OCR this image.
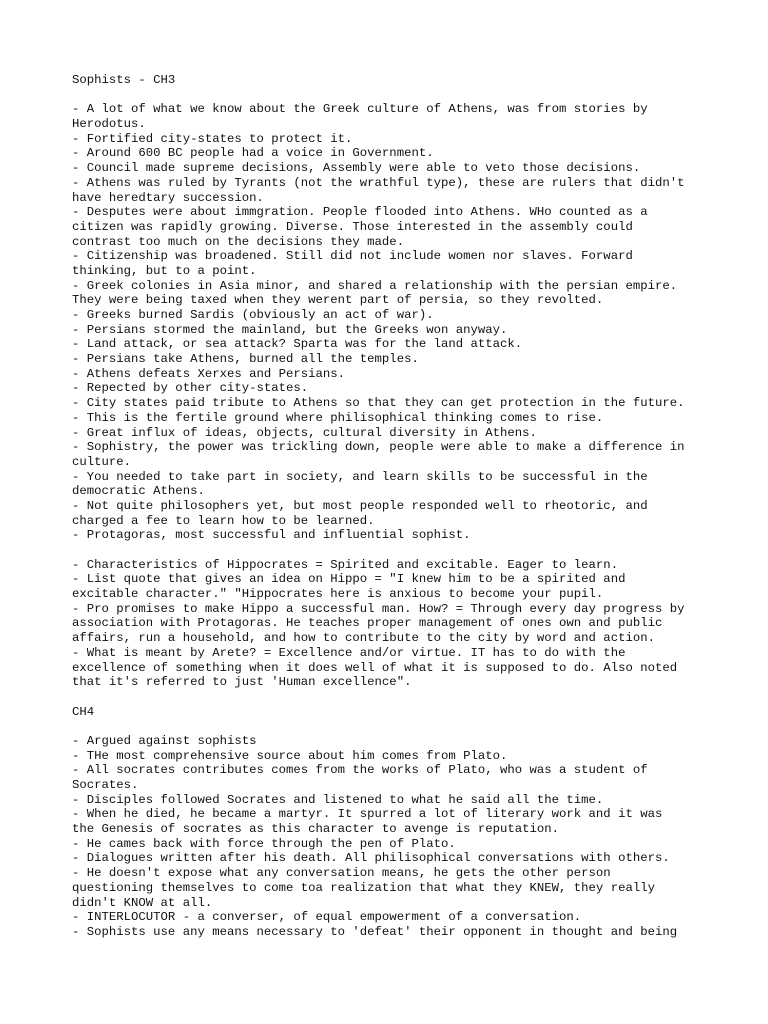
Sophists - CH3

- A lot of what we know about the Greek culture of Athens, was from stories by

Herodotus.

- Fortified city-states to protect it.

- Around 600 BC people had a voice in Government.

- Council made supreme decisions, Assembly were able to veto those decisions.

- Athens was ruled by Tyrants (not the wrathful type), these are rulers that didn't

have heredtary succession.

- Desputes were about immgration. People flooded into Athens. WHo counted as a

citizen was rapidly growing. Diverse. Those interested in the assembly could

contrast too much on the decisions they made.

- Citizenship was broadened. Still did not include women nor slaves. Forward

thinking, but to a point.

- Greek colonies in Asia minor, and shared a relationship with the persian empire.

They were being taxed when they werent part of persia, so they revolted.

- Greeks burned Sardis (obviously an act of war).

- Persians stormed the mainland, but the Greeks won anyway.

- Land attack, or sea attack? Sparta was for the land attack.

- Persians take Athens, burned all the temples.

- Athens defeats Xerxes and Persians.

- Repected by other city-states.

- City states paid tribute to Athens so that they can get protection in the future.

- This is the fertile ground where philisophical thinking comes to rise.

- Great influx of ideas, objects, cultural diversity in Athens.

- Sophistry, the power was trickling down, people were able to make a difference in

culture.

- You needed to take part in society, and learn skills to be successful in the

democratic Athens.

- Not quite philosophers yet, but most people responded well to rheotoric, and

charged a fee to learn how to be learned.

- Protagoras, most successful and influential sophist.

- Characteristics of Hippocrates = Spirited and excitable. Eager to learn.

- List quote that gives an idea on Hippo = "I knew him to be a spirited and

excitable character." "Hippocrates here is anxious to become your pupil.

- Pro promises to make Hippo a successful man. How? = Through every day progress by

association with Protagoras. He teaches proper management of ones own and public

affairs, run a household, and how to contribute to the city by word and action.

- What is meant by Arete? = Excellence and/or virtue. IT has to do with the

excellence of something when it does well of what it is supposed to do. Also noted

that it's referred to just 'Human excellence".

CH4

- Argued against sophists

- THe most comprehensive source about him comes from Plato.

- All socrates contributes comes from the works of Plato, who was a student of

Socrates.

- Disciples followed Socrates and listened to what he said all the time.

- When he died, he became a martyr. It spurred a lot of literary work and it was

the Genesis of socrates as this character to avenge is reputation.

- He cames back with force through the pen of Plato.

- Dialogues written after his death. All philisophical conversations with others.

- He doesn't expose what any conversation means, he gets the other person

questioning themselves to come toa realization that what they KNEW, they really

didn't KNOW at all.

- INTERLOCUTOR - a converser, of equal empowerment of a conversation.

- Sophists use any means necessary to 'defeat' their opponent in thought and being
